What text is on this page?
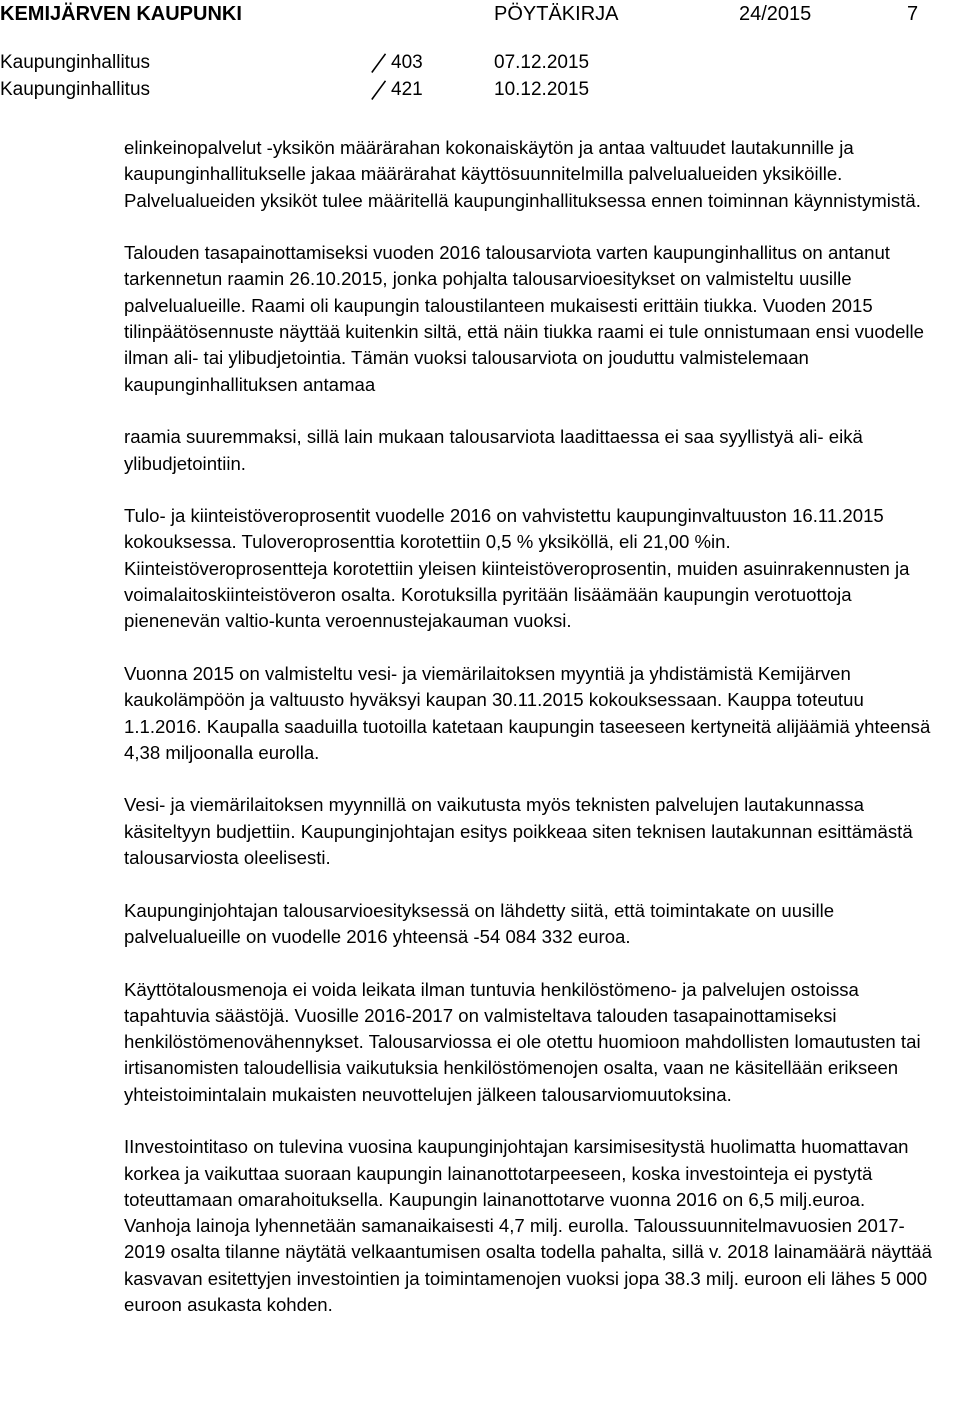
KEMIJÄRVEN KAUPUNKI	PÖYTÄKIRJA	24/2015	7
Kaupunginhallitus	403	07.12.2015
Kaupunginhallitus	421	10.12.2015

elinkeinopalvelut -yksikön määrärahan kokonaiskäytön ja antaa valtuudet lautakunnille ja kaupunginhallitukselle jakaa määrärahat käyttösuunnitelmilla palvelualueiden yksiköille. Palvelualueiden yksiköt tulee määritellä kaupunginhallituksessa ennen toiminnan käynnistymistä.

Talouden tasapainottamiseksi vuoden 2016 talousarviota varten kaupunginhallitus on antanut tarkennetun raamin 26.10.2015, jonka pohjalta talousarvioesitykset on valmisteltu uusille palvelualueille. Raami oli kaupungin taloustilanteen mukaisesti erittäin tiukka. Vuoden 2015 tilinpäätösennuste näyttää kuitenkin siltä, että näin tiukka raami ei tule onnistumaan ensi vuodelle ilman ali- tai ylibudjetointia. Tämän vuoksi talousarviota on jouduttu valmistelemaan kaupunginhallituksen antamaa

raamia suuremmaksi, sillä lain mukaan talousarviota laadittaessa ei saa syyllistyä ali- eikä ylibudjetointiin.

Tulo- ja kiinteistöveroprosentit vuodelle 2016 on vahvistettu kaupunginvaltuuston 16.11.2015 kokouksessa. Tuloveroprosenttia korotettiin 0,5 % yksiköllä, eli 21,00 %in. Kiinteistöveroprosentteja korotettiin yleisen kiinteistöveroprosentin, muiden asuinrakennusten ja voimalaitoskiinteistöveron osalta. Korotuksilla pyritään lisäämään kaupungin verotuottoja pienenevän valtio-kunta veroennustejakauman vuoksi.

Vuonna 2015 on valmisteltu vesi- ja viemärilaitoksen myyntiä ja yhdistämistä Kemijärven kaukolämpöön ja valtuusto hyväksyi kaupan 30.11.2015 kokouksessaan. Kauppa toteutuu 1.1.2016. Kaupalla saaduilla tuotoilla katetaan kaupungin taseeseen kertyneitä alijäämiä yhteensä 4,38 miljoonalla eurolla.

Vesi- ja viemärilaitoksen myynnillä on vaikutusta myös teknisten palvelujen lautakunnassa käsiteltyyn budjettiin. Kaupunginjohtajan esitys poikkeaa siten teknisen lautakunnan esittämästä talousarviosta oleelisesti.

Kaupunginjohtajan talousarvioesityksessä on lähdetty siitä, että toimintakate on uusille palvelualueille on vuodelle 2016 yhteensä -54 084 332 euroa.

Käyttötalousmenoja ei voida leikata ilman tuntuvia henkilöstömeno- ja palvelujen ostoissa tapahtuvia säästöjä. Vuosille 2016-2017 on valmisteltava talouden tasapainottamiseksi henkilöstömenovähennykset. Talousarviossa ei ole otettu huomioon mahdollisten lomautusten tai irtisanomisten taloudellisia vaikutuksia henkilöstömenojen osalta, vaan ne käsitellään erikseen yhteistoimintalain mukaisten neuvottelujen jälkeen talousarviomuutoksina.

IInvestointitaso on tulevina vuosina kaupunginjohtajan karsimisesitystä huolimatta huomattavan korkea ja vaikuttaa suoraan kaupungin lainanottotarpeeseen, koska investointeja ei pystytä toteuttamaan omarahoituksella. Kaupungin lainanottotarve vuonna 2016 on 6,5 milj.euroa. Vanhoja lainoja lyhennetään samanaikaisesti 4,7 milj. eurolla. Taloussuunnitelmavuosien 2017-2019 osalta tilanne näytätä velkaantumisen osalta todella pahalta, sillä v. 2018 lainamäärä näyttää kasvavan esitettyjen investointien ja toimintamenojen vuoksi jopa 38.3 milj. euroon eli lähes 5 000 euroon asukasta kohden.
